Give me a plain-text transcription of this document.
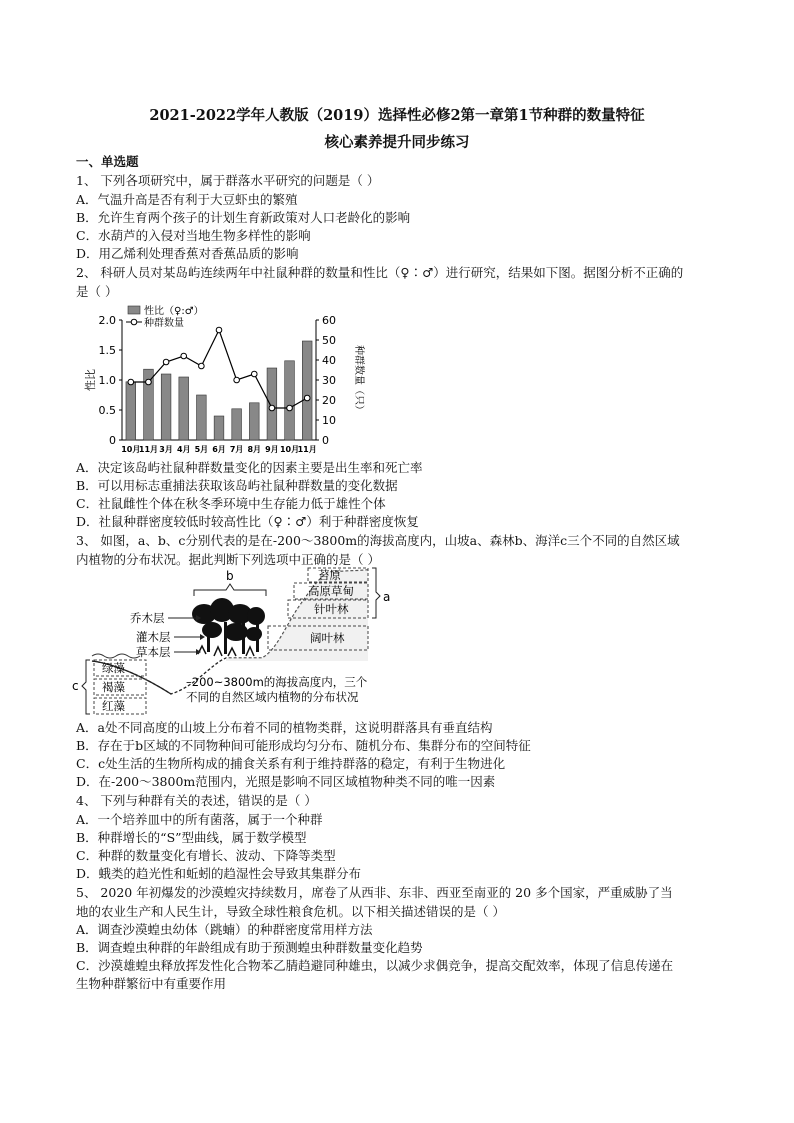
2021-2022学年人教版（2019）选择性必修2第一章第1节种群的数量特征
核心素养提升同步练习
一、单选题
1、 下列各项研究中，属于群落水平研究的问题是（ ）
A．气温升高是否有利于大豆虾虫的繁殖
B．允许生育两个孩子的计划生育新政策对人口老龄化的影响
C．水葫芦的入侵对当地生物多样性的影响
D．用乙烯利处理香蕉对香蕉品质的影响
2、 科研人员对某岛屿连续两年中社鼠种群的数量和性比（♀∶♂）进行研究，结果如下图。据图分析不正确的
是（ ）
0
0.5
1.0
1.5
2.0
0
10
20
30
40
50
60
性比	种群数量（只）
10月
11月 3月 4月 5月 6月 7月 8月 9月 10月
11月
性比（♀:♂）
种群数量
A．决定该岛屿社鼠种群数量变化的因素主要是出生率和死亡率
B．可以用标志重捕法获取该岛屿社鼠种群数量的变化数据
C．社鼠雌性个体在秋冬季环境中生存能力低于雄性个体
D．社鼠种群密度较低时较高性比（♀∶♂）利于种群密度恢复
3、 如图，a、b、c分别代表的是在-200～3800m的海拔高度内，山坡a、森林b、海洋c三个不同的自然区域
内植物的分布状况。据此判断下列选项中正确的是（ ）
b
乔木层
灌木层
草本层
苔原
高原草甸
针叶林
阔叶林
a
绿藻
褐藻
红藻
c	–200~3800m的海拔高度内，三个
不同的自然区域内植物的分布状况
A．a处不同高度的山坡上分布着不同的植物类群，这说明群落具有垂直结构
B．存在于b区域的不同物种间可能形成均匀分布、随机分布、集群分布的空间特征
C．c处生活的生物所构成的捕食关系有利于维持群落的稳定，有利于生物进化
D．在-200～3800m范围内，光照是影响不同区域植物种类不同的唯一因素
4、 下列与种群有关的表述，错误的是（ ）
A．一个培养皿中的所有菌落，属于一个种群
B．种群增长的“S”型曲线，属于数学模型
C．种群的数量变化有增长、波动、下降等类型
D．蛾类的趋光性和蚯蚓的趋湿性会导致其集群分布
5、 2020 年初爆发的沙漠蝗灾持续数月，席卷了从西非、东非、西亚至南亚的 20 多个国家，严重威胁了当
地的农业生产和人民生计，导致全球性粮食危机。以下相关描述错误的是（ ）
A．调查沙漠蝗虫幼体（跳蝻）的种群密度常用样方法
B．调查蝗虫种群的年龄组成有助于预测蝗虫种群数量变化趋势
C．沙漠雄蝗虫释放挥发性化合物苯乙腈趋避同种雄虫，以减少求偶竞争，提高交配效率，体现了信息传递在
生物种群繁衍中有重要作用
